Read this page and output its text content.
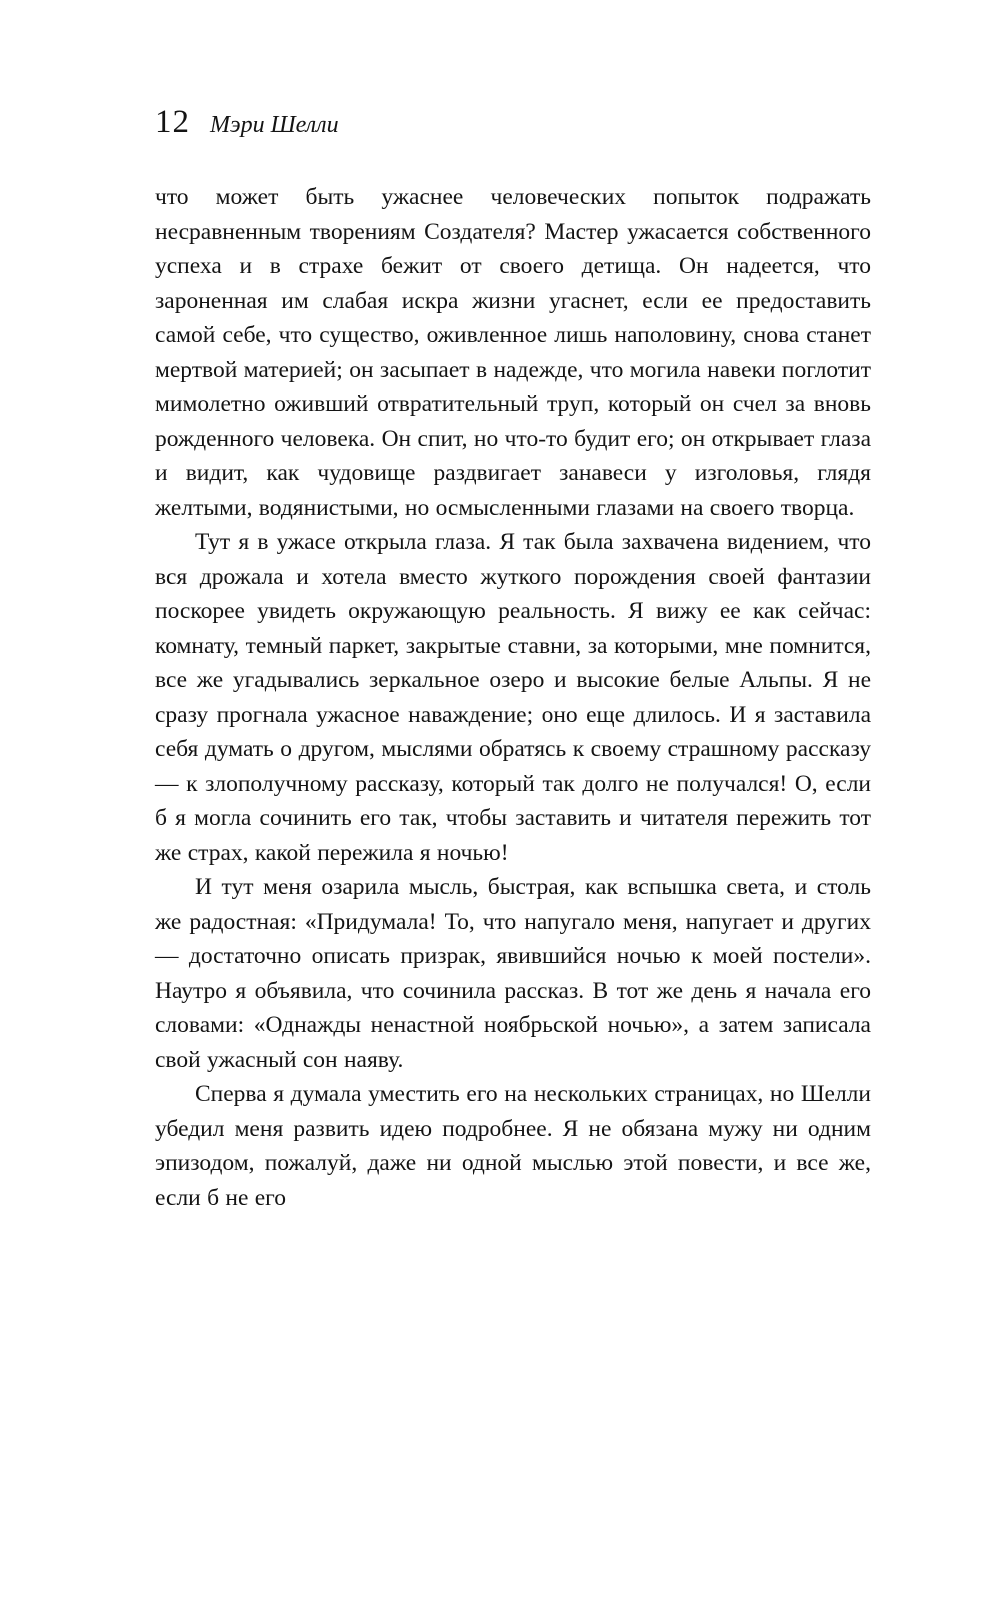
12 Мэри Шелли

что может быть ужаснее человеческих попыток подражать несравненным творениям Создателя? Мастер ужасается собственного успеха и в страхе бежит от своего детища. Он надеется, что зароненная им слабая искра жизни угаснет, если ее предоставить самой себе, что существо, оживленное лишь наполовину, снова станет мертвой материей; он засыпает в надежде, что могила навеки поглотит мимолетно оживший отвратительный труп, который он счел за вновь рожденного человека. Он спит, но что-то будит его; он открывает глаза и видит, как чудовище раздвигает занавеси у изголовья, глядя желтыми, водянистыми, но осмысленными глазами на своего творца.

Тут я в ужасе открыла глаза. Я так была захвачена видением, что вся дрожала и хотела вместо жуткого порождения своей фантазии поскорее увидеть окружающую реальность. Я вижу ее как сейчас: комнату, темный паркет, закрытые ставни, за которыми, мне помнится, все же угадывались зеркальное озеро и высокие белые Альпы. Я не сразу прогнала ужасное наваждение; оно еще длилось. И я заставила себя думать о другом, мыслями обратясь к своему страшному рассказу — к злополучному рассказу, который так долго не получался! О, если б я могла сочинить его так, чтобы заставить и читателя пережить тот же страх, какой пережила я ночью!

И тут меня озарила мысль, быстрая, как вспышка света, и столь же радостная: «Придумала! То, что напугало меня, напугает и других — достаточно описать призрак, явившийся ночью к моей постели». Наутро я объявила, что сочинила рассказ. В тот же день я начала его словами: «Однажды ненастной ноябрьской ночью», а затем записала свой ужасный сон наяву.

Сперва я думала уместить его на нескольких страницах, но Шелли убедил меня развить идею подробнее. Я не обязана мужу ни одним эпизодом, пожалуй, даже ни одной мыслью этой повести, и все же, если б не его
